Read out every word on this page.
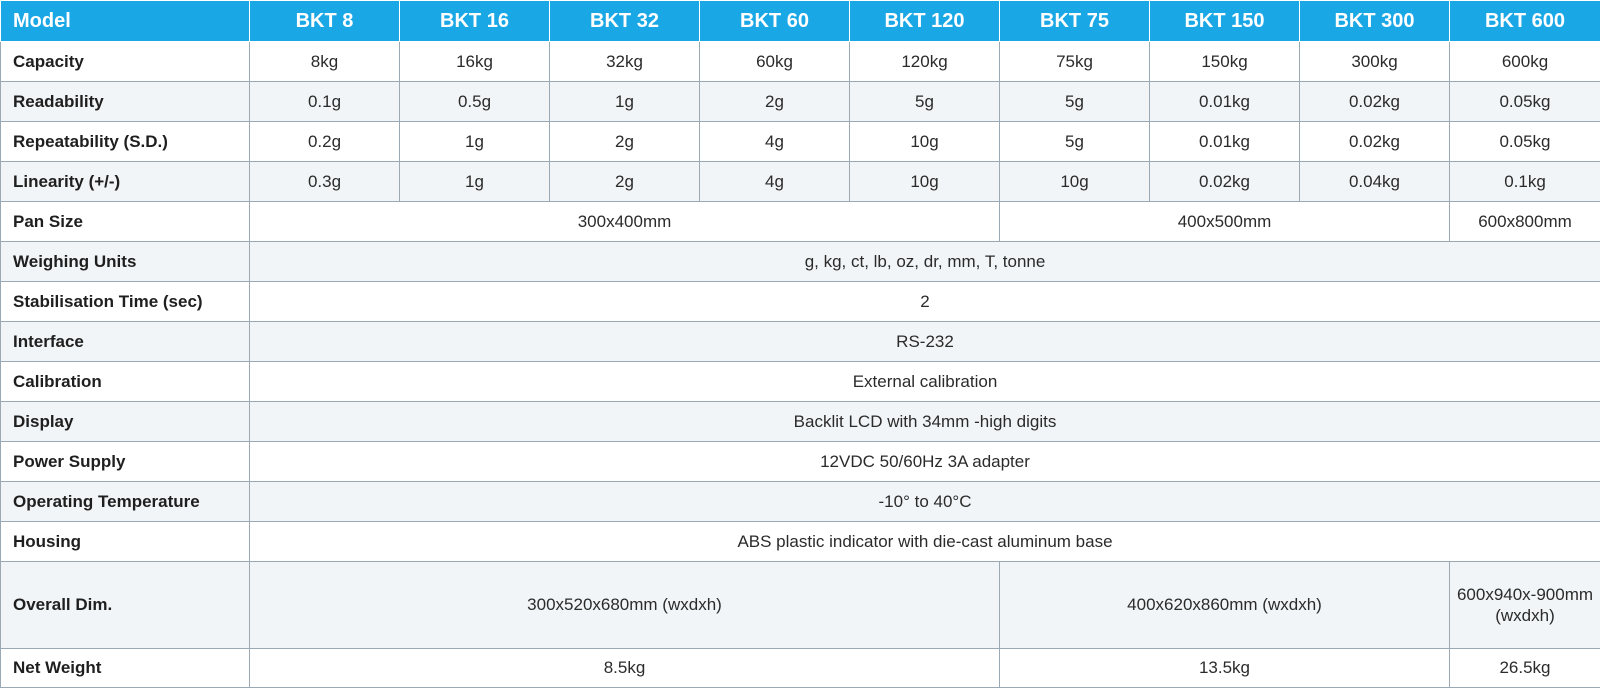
Model	BKT 8	BKT 16	BKT 32	BKT 60	BKT 120	BKT 75	BKT 150	BKT 300	BKT 600
Capacity	8kg	16kg	32kg	60kg	120kg	75kg	150kg	300kg	600kg
Readability	0.1g	0.5g	1g	2g	5g	5g	0.01kg	0.02kg	0.05kg
Repeatability (S.D.)	0.2g	1g	2g	4g	10g	5g	0.01kg	0.02kg	0.05kg
Linearity (+/-)	0.3g	1g	2g	4g	10g	10g	0.02kg	0.04kg	0.1kg
Pan Size	300x400mm					400x500mm			600x800mm
Weighing Units	g, kg, ct, lb, oz, dr, mm, T, tonne								
Stabilisation Time (sec)	2								
Interface	RS-232								
Calibration	External calibration								
Display	Backlit LCD with 34mm -high digits								
Power Supply	12VDC 50/60Hz 3A adapter								
Operating Temperature	-10° to 40°C								
Housing	ABS plastic indicator with die-cast aluminum base								
Overall Dim.	300x520x680mm (wxdxh)					400x620x860mm (wxdxh)			600x940x-900mm (wxdxh)
Net Weight	8.5kg					13.5kg			26.5kg
